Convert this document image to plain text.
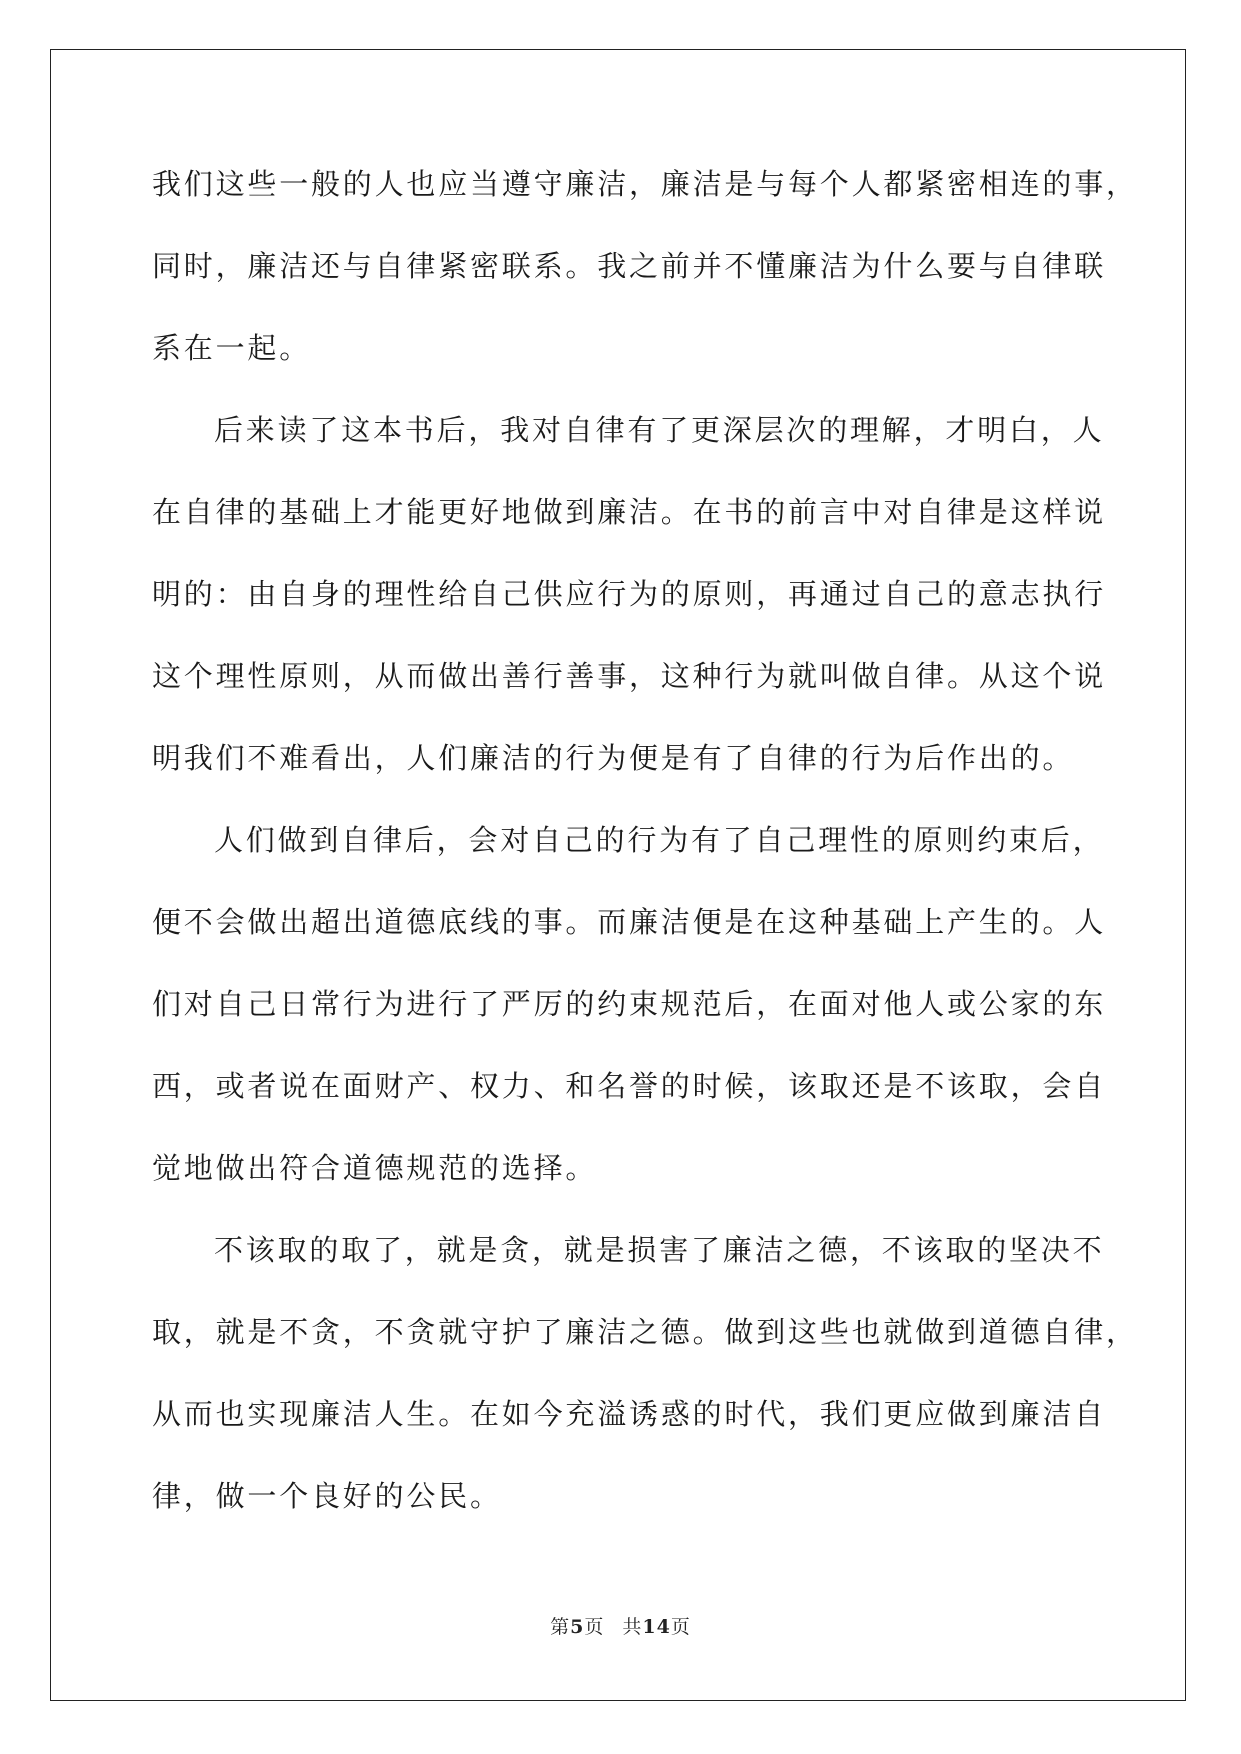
我们这些一般的人也应当遵守廉洁，廉洁是与每个人都紧密相连的事，
同时，廉洁还与自律紧密联系。我之前并不懂廉洁为什么要与自律联
系在一起。
后来读了这本书后，我对自律有了更深层次的理解，才明白，人
在自律的基础上才能更好地做到廉洁。在书的前言中对自律是这样说
明的：由自身的理性给自己供应行为的原则，再通过自己的意志执行
这个理性原则，从而做出善行善事，这种行为就叫做自律。从这个说
明我们不难看出，人们廉洁的行为便是有了自律的行为后作出的。
人们做到自律后，会对自己的行为有了自己理性的原则约束后，
便不会做出超出道德底线的事。而廉洁便是在这种基础上产生的。人
们对自己日常行为进行了严厉的约束规范后，在面对他人或公家的东
西，或者说在面财产、权力、和名誉的时候，该取还是不该取，会自
觉地做出符合道德规范的选择。
不该取的取了，就是贪，就是损害了廉洁之德，不该取的坚决不
取，就是不贪，不贪就守护了廉洁之德。做到这些也就做到道德自律，
从而也实现廉洁人生。在如今充溢诱惑的时代，我们更应做到廉洁自
律，做一个良好的公民。
第5页 共14页
